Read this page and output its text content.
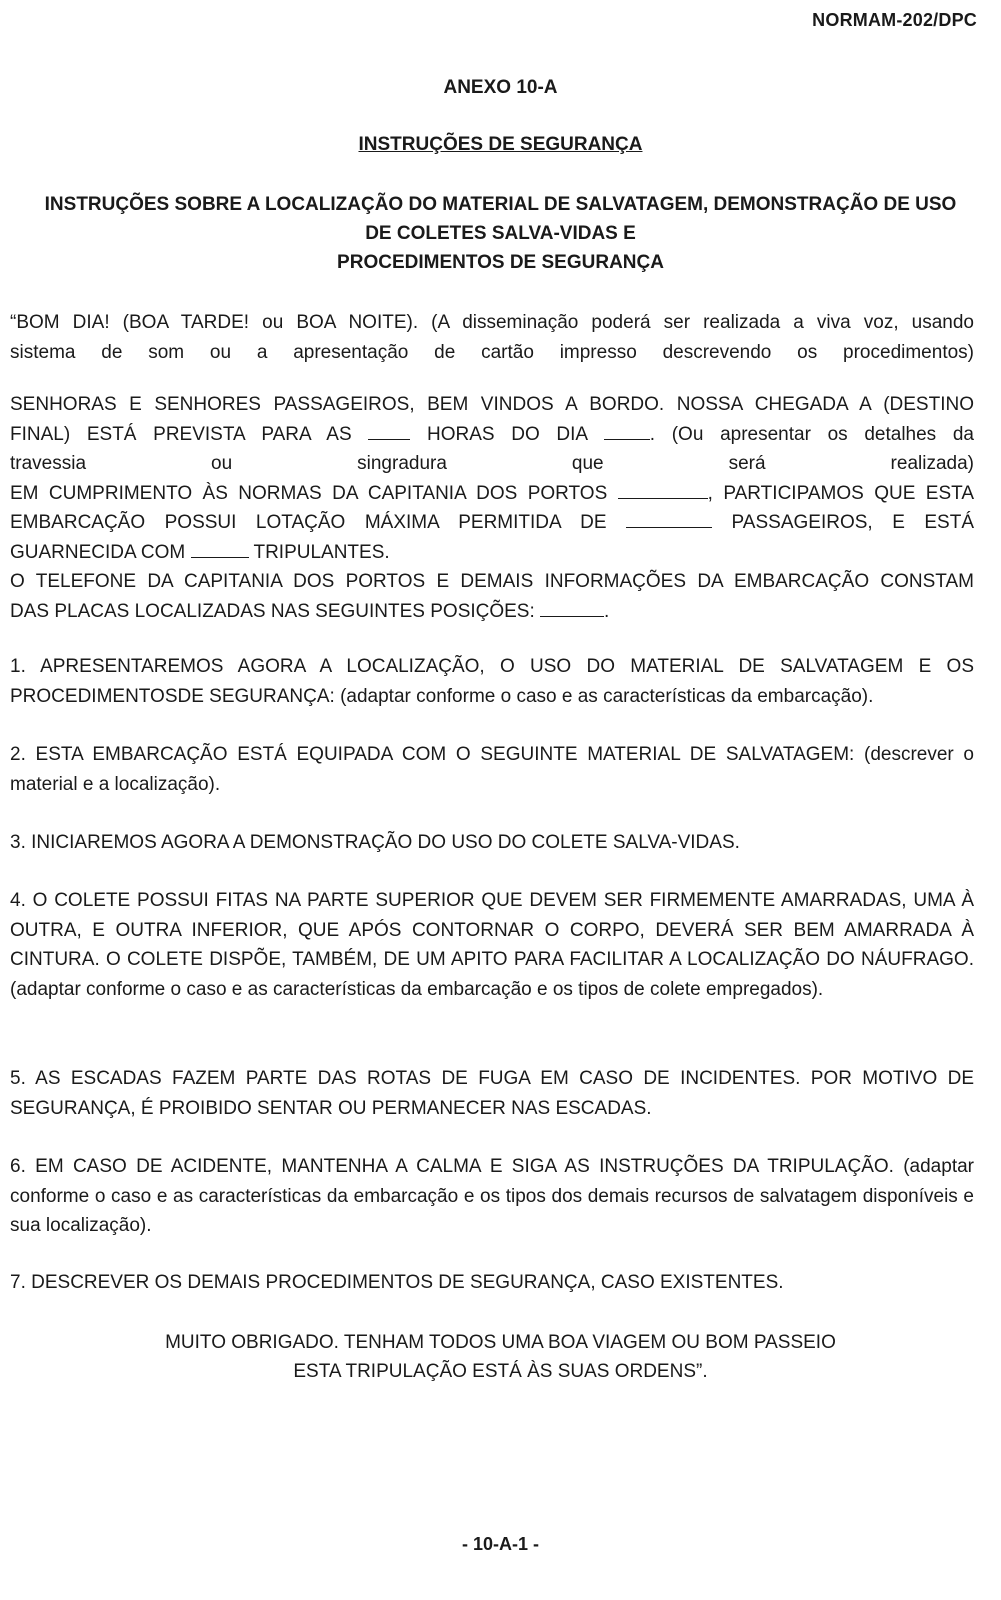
NORMAM-202/DPC
ANEXO 10-A
INSTRUÇÕES DE SEGURANÇA
INSTRUÇÕES SOBRE A LOCALIZAÇÃO DO MATERIAL DE SALVATAGEM, DEMONSTRAÇÃO DE USO
DE COLETES SALVA-VIDAS E
PROCEDIMENTOS DE SEGURANÇA

“BOM DIA! (BOA TARDE! ou BOA NOITE). (A disseminação poderá ser realizada a viva voz, usando

sistema de som ou a apresentação de cartão impresso descrevendo os procedimentos)

SENHORAS E SENHORES PASSAGEIROS, BEM VINDOS A BORDO. NOSSA CHEGADA A (DESTINO

FINAL) ESTÁ PREVISTA PARA AS  HORAS DO DIA . (Ou apresentar os detalhes da

travessia ou singradura que será realizada)

EM CUMPRIMENTO ÀS NORMAS DA CAPITANIA DOS PORTOS	, PARTICIPAMOS QUE ESTA

EMBARCAÇÃO POSSUI LOTAÇÃO MÁXIMA PERMITIDA DE	PASSAGEIROS, E ESTÁ

GUARNECIDA COM	TRIPULANTES.

O TELEFONE DA CAPITANIA DOS PORTOS E DEMAIS INFORMAÇÕES DA EMBARCAÇÃO CONSTAM

DAS PLACAS LOCALIZADAS NAS SEGUINTES POSIÇÕES:	.

1. APRESENTAREMOS AGORA A LOCALIZAÇÃO, O USO DO MATERIAL DE SALVATAGEM E OS PROCEDIMENTOSDE SEGURANÇA: (adaptar conforme o caso e as características da embarcação).

2. ESTA EMBARCAÇÃO ESTÁ EQUIPADA COM O SEGUINTE MATERIAL DE SALVATAGEM: (descrever o material e a localização).

3. INICIAREMOS AGORA A DEMONSTRAÇÃO DO USO DO COLETE SALVA-VIDAS.

4. O COLETE POSSUI FITAS NA PARTE SUPERIOR QUE DEVEM SER FIRMEMENTE AMARRADAS, UMA À OUTRA, E OUTRA INFERIOR, QUE APÓS CONTORNAR O CORPO, DEVERÁ SER BEM AMARRADA À CINTURA. O COLETE DISPÕE, TAMBÉM, DE UM APITO PARA FACILITAR A LOCALIZAÇÃO DO NÁUFRAGO. (adaptar conforme o caso e as características da embarcação e os tipos de colete empregados).

5. AS ESCADAS FAZEM PARTE DAS ROTAS DE FUGA EM CASO DE INCIDENTES. POR MOTIVO DE SEGURANÇA, É PROIBIDO SENTAR OU PERMANECER NAS ESCADAS.

6. EM CASO DE ACIDENTE, MANTENHA A CALMA E SIGA AS INSTRUÇÕES DA TRIPULAÇÃO. (adaptar conforme o caso e as características da embarcação e os tipos dos demais recursos de salvatagem disponíveis e sua localização).

7. DESCREVER OS DEMAIS PROCEDIMENTOS DE SEGURANÇA, CASO EXISTENTES.

MUITO OBRIGADO. TENHAM TODOS UMA BOA VIAGEM OU BOM PASSEIO
ESTA TRIPULAÇÃO ESTÁ ÀS SUAS ORDENS”.
- 10-A-1 -
